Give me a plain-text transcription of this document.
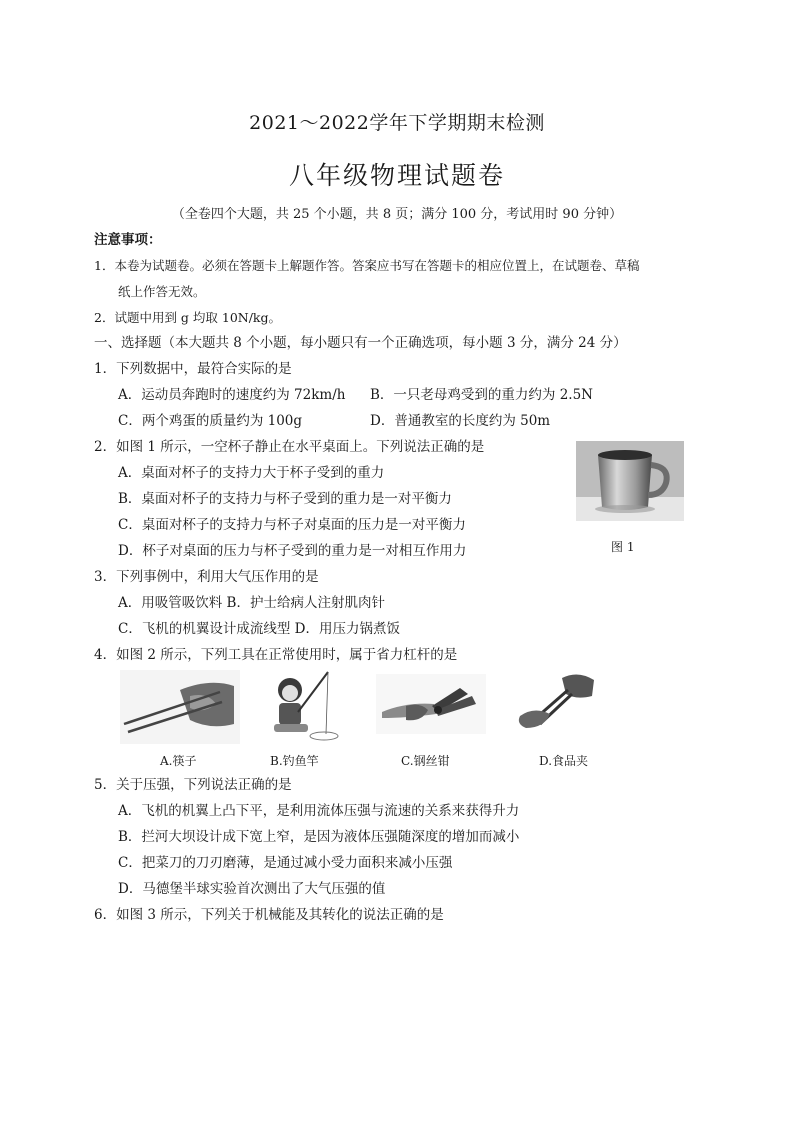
2021～2022学年下学期期末检测
八年级物理试题卷
（全卷四个大题，共 25 个小题，共 8 页；满分 100 分，考试用时 90 分钟）
注意事项：
1．本卷为试题卷。必须在答题卡上解题作答。答案应书写在答题卡的相应位置上，在试题卷、草稿
纸上作答无效。
2．试题中用到 g 均取 10N/kg。
一、选择题（本大题共 8 个小题，每小题只有一个正确选项，每小题 3 分，满分 24 分）
1．下列数据中，最符合实际的是
A．运动员奔跑时的速度约为 72km/h B．一只老母鸡受到的重力约为 2.5N
C．两个鸡蛋的质量约为 100g	D．普通教室的长度约为 50m
2．如图 1 所示，一空杯子静止在水平桌面上。下列说法正确的是
A．桌面对杯子的支持力大于杯子受到的重力
B．桌面对杯子的支持力与杯子受到的重力是一对平衡力
C．桌面对杯子的支持力与杯子对桌面的压力是一对平衡力
D．杯子对桌面的压力与杯子受到的重力是一对相互作用力	图 1
3．下列事例中，利用大气压作用的是
A．用吸管吸饮料 B．护士给病人注射肌肉针
C．飞机的机翼设计成流线型 D．用压力锅煮饭
4．如图 2 所示，下列工具在正常使用时，属于省力杠杆的是
A.筷子	B.钓鱼竿	C.钢丝钳	D.食品夹
5．关于压强，下列说法正确的是
A．飞机的机翼上凸下平，是利用流体压强与流速的关系来获得升力
B．拦河大坝设计成下宽上窄，是因为液体压强随深度的增加而减小
C．把菜刀的刀刃磨薄，是通过减小受力面积来减小压强
D．马德堡半球实验首次测出了大气压强的值
6．如图 3 所示，下列关于机械能及其转化的说法正确的是
